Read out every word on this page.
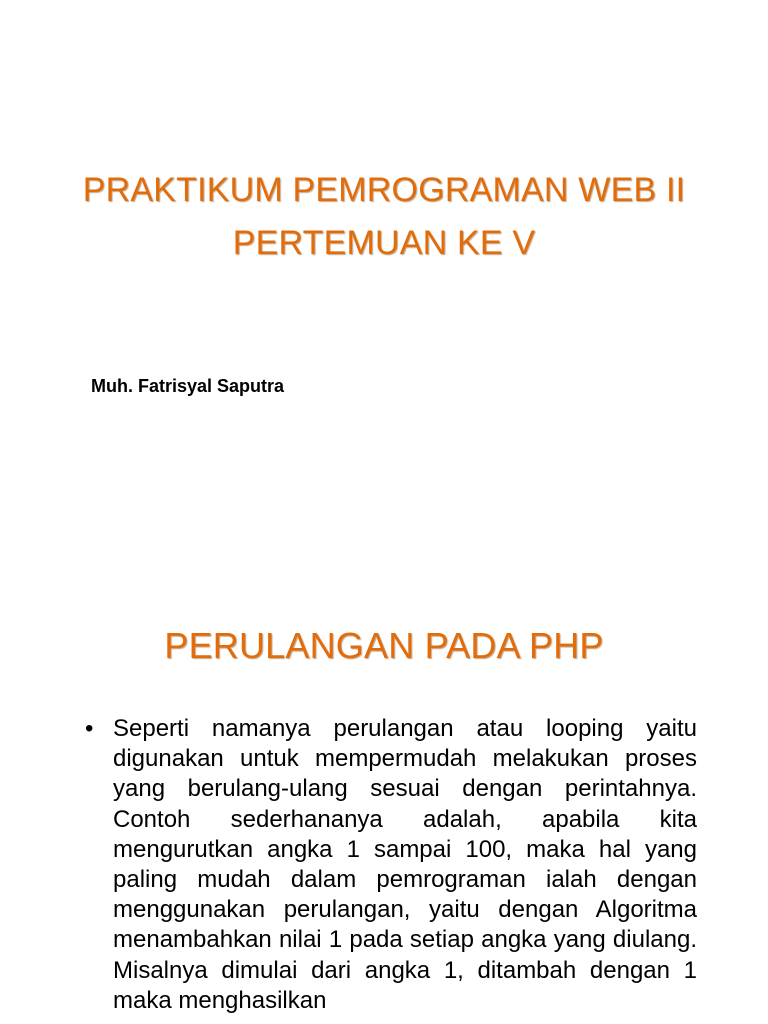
PRAKTIKUM PEMROGRAMAN WEB II
PERTEMUAN KE V

Muh. Fatrisyal Saputra

PERULANGAN PADA PHP
• Seperti namanya perulangan atau looping yaitu digunakan untuk mempermudah melakukan proses yang berulang-ulang sesuai dengan perintahnya. Contoh sederhananya adalah, apabila kita mengurutkan angka 1 sampai 100, maka hal yang paling mudah dalam pemrograman ialah dengan menggunakan perulangan, yaitu dengan Algoritma menambahkan nilai 1 pada setiap angka yang diulang. Misalnya dimulai dari angka 1, ditambah dengan 1 maka menghasilkan
